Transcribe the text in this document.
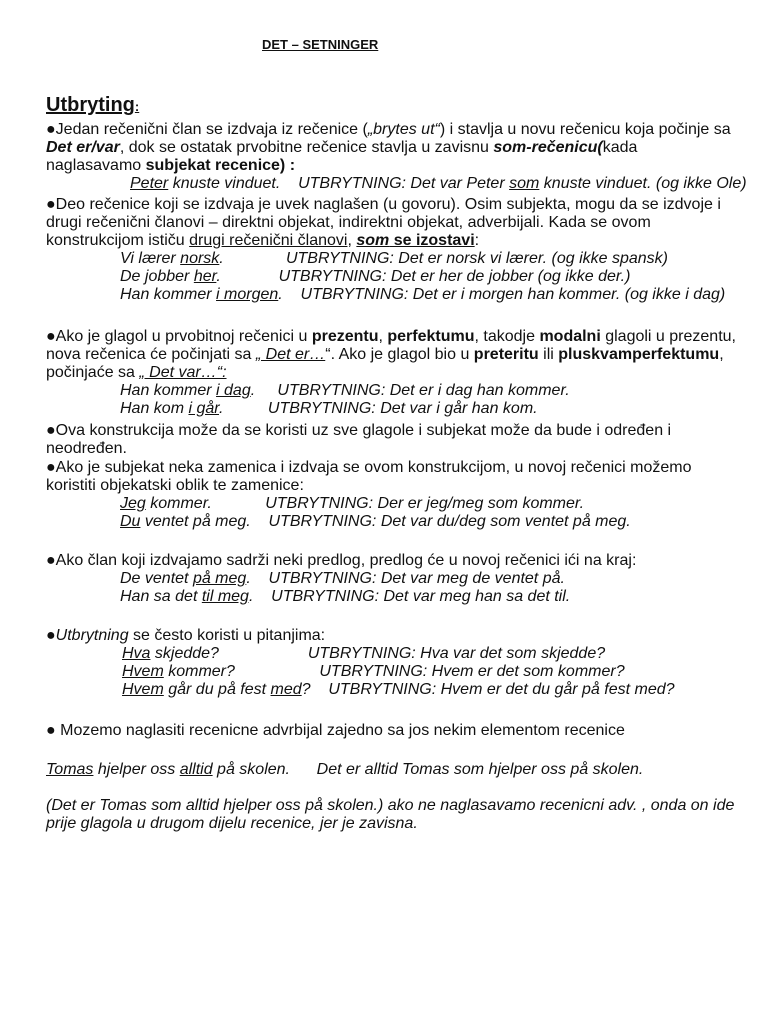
DET – SETNINGER
Utbryting:
●Jedan rečenični član se izdvaja iz rečenice („brytes ut“) i stavlja u novu rečenicu koja počinje sa Det er/var, dok se ostatak prvobitne rečenice stavlja u zavisnu som-rečenicu(kada naglasavamo subjekat recenice) :
Peter knuste vinduet.    UTBRYTNING: Det var Peter som knuste vinduet. (og ikke Ole)
●Deo rečenice koji se izdvaja je uvek naglašen (u govoru). Osim subjekta, mogu da se izdvoje i drugi rečenični članovi – direktni objekat, indirektni objekat, adverbijali. Kada se ovom konstrukcijom ističu drugi rečenični članovi, som se izostavi:
Vi lærer norsk.              UTBRYTNING: Det er norsk vi lærer. (og ikke spansk)
De jobber her.             UTBRYTNING: Det er her de jobber (og ikke der.)
Han kommer i morgen.    UTBRYTNING: Det er i morgen han kommer. (og ikke i dag)
●Ako je glagol u prvobitnoj rečenici u prezentu, perfektumu, takodje modalni glagoli u prezentu, nova rečenica će počinjati sa „ Det er…“. Ako je glagol bio u preteritu ili pluskvamperfektumu, počinjaće sa „ Det var…“:
Han kommer i dag.     UTBRYTNING: Det er i dag han kommer.
Han kom i går.          UTBRYTNING: Det var i går han kom.
●Ova konstrukcija može da se koristi uz sve glagole i subjekat može da bude i određen i neodređen.
●Ako je subjekat neka zamenica i izdvaja se ovom konstrukcijom, u novoj rečenici možemo koristiti objekatski oblik te zamenice:
Jeg kommer.            UTBRYTNING: Der er jeg/meg som kommer.
Du ventet på meg.    UTBRYTNING: Det var du/deg som ventet på meg.
●Ako član koji izdvajamo sadrži neki predlog, predlog će u novoj rečenici ići na kraj:
De ventet på meg.    UTBRYTNING: Det var meg de ventet på.
Han sa det til meg.    UTBRYTNING: Det var meg han sa det til.
●Utbrytning se često koristi u pitanjima:
Hva skjedde?                    UTBRYTNING: Hva var det som skjedde?
Hvem kommer?                   UTBRYTNING: Hvem er det som kommer?
Hvem går du på fest med?    UTBRYTNING: Hvem er det du går på fest med?
● Mozemo naglasiti recenicne advrbijal zajedno sa jos nekim elementom recenice
Tomas hjelper oss alltid på skolen.      Det er alltid Tomas som hjelper oss på skolen.
(Det er Tomas som alltid hjelper oss på skolen.) ako ne naglasavamo recenicni adv. , onda on ide prije glagola u drugom dijelu recenice, jer je zavisna.
